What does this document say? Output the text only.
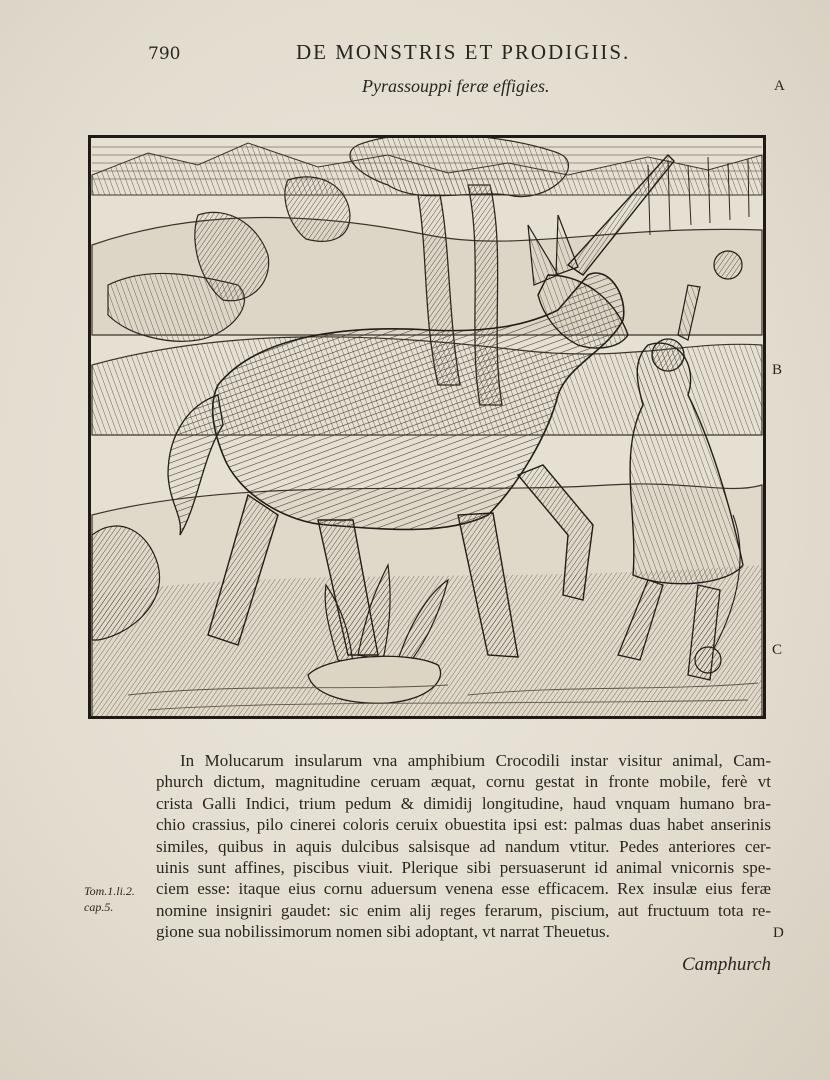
790	DE MONSTRIS ET PRODIGIIS.
Pyrassouppi feræ effigies.	A
B
C
D
In Molucarum insularum vna amphibium Crocodili instar visitur animal, Cam-
phurch dictum, magnitudine ceruam æquat, cornu gestat in fronte mobile, ferè vt
crista Galli Indici, trium pedum & dimidij longitudine, haud vnquam humano bra-
chio crassius, pilo cinerei coloris ceruix obuestita ipsi est: palmas duas habet anserinis
similes, quibus in aquis dulcibus salsisque ad nandum vtitur. Pedes anteriores cer-
uinis sunt affines, piscibus viuit. Plerique sibi persuaserunt id animal vnicornis spe-
ciem esse: itaque eius cornu aduersum venena esse efficacem. Rex insulæ eius feræ
nomine insigniri gaudet: sic enim alij reges ferarum, piscium, aut fructuum tota re-
gione sua nobilissimorum nomen sibi adoptant, vt narrat Theuetus.
Tom.1.li.2.
cap.5.
Camphurch
